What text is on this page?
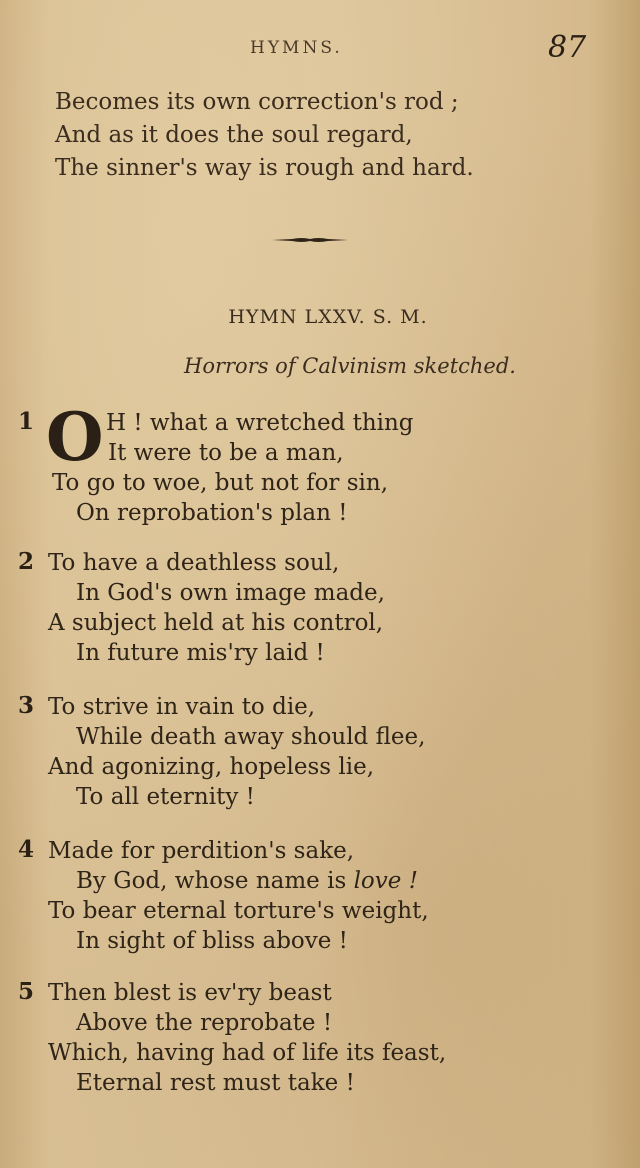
HYMNS.	87
Becomes its own correction's rod ;
And as it does the soul regard,
The sinner's way is rough and hard.
HYMN LXXV. S. M.
Horrors of Calvinism sketched.
1 O H ! what a wretched thing
It were to be a man,
To go to woe, but not for sin,
On reprobation's plan !
2 To have a deathless soul,
In God's own image made,
A subject held at his control,
In future mis'ry laid !
3 To strive in vain to die,
While death away should flee,
And agonizing, hopeless lie,
To all eternity !
4 Made for perdition's sake,
By God, whose name is love !
To bear eternal torture's weight,
In sight of bliss above !
5 Then blest is ev'ry beast
Above the reprobate !
Which, having had of life its feast,
Eternal rest must take !
